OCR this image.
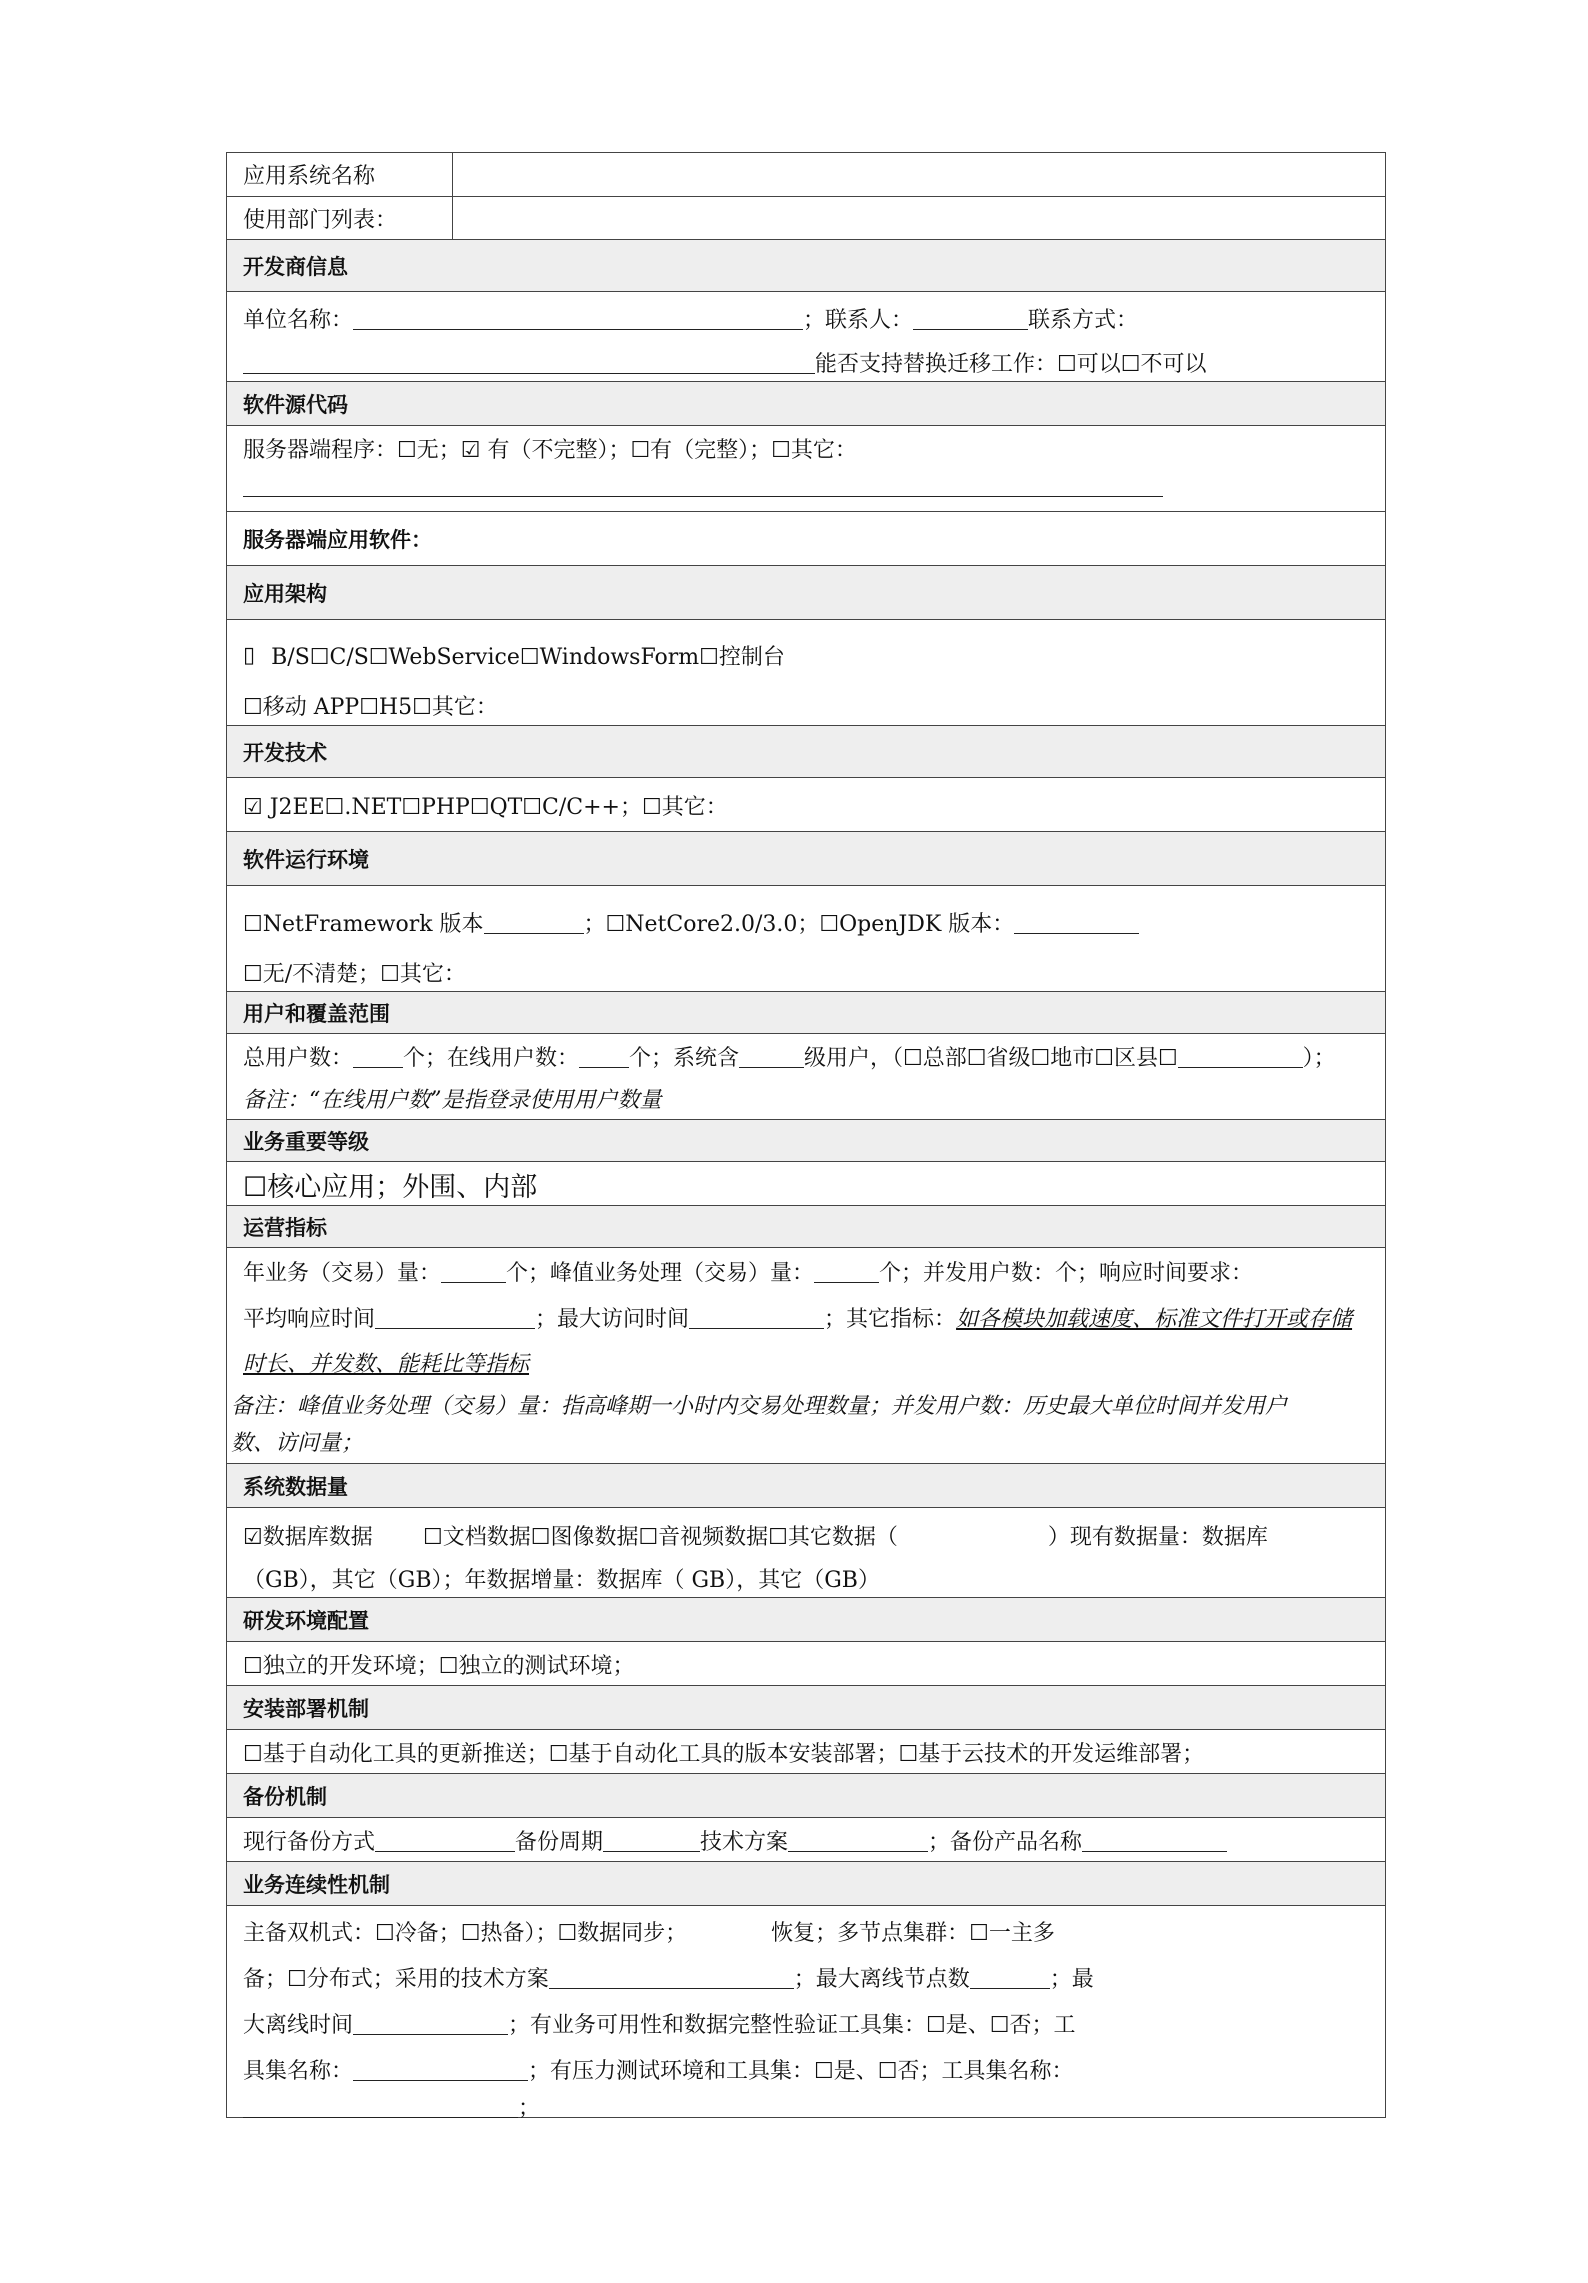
应用系统名称
使用部门列表：
开发商信息
单位名称：	；联系人：	联系方式：
能否支持替换迁移工作：☐可以☐不可以
软件源代码
服务器端程序：☐无；☑ 有（不完整）；☐有（完整）；☐其它：
服务器端应用软件：
应用架构
▯ B/S☐C/S☐WebService☐WindowsForm☐控制台
☐移动 APP☐H5☐其它：
开发技术
☑ J2EE☐.NET☐PHP☐QT☐C/C++；☐其它：
软件运行环境
☐NetFramework 版本	；☐NetCore2.0/3.0；☐OpenJDK 版本：
☐无/不清楚；☐其它：
用户和覆盖范围
总用户数： 个；在线用户数： 个；系统含	级用户，（☐总部☐省级☐地市☐区县☐	）；
备注：“在线用户数”是指登录使用用户数量
业务重要等级
☐核心应用；外围、内部
运营指标
年业务（交易）量：	个；峰值业务处理（交易）量：	个；并发用户数：个；响应时间要求：
平均响应时间	；最大访问时间	；其它指标： 如各模块加载速度、标准文件打开或存储
时长、并发数、能耗比等指标
备注：峰值业务处理（交易）量：指高峰期一小时内交易处理数量；并发用户数：历史最大单位时间并发用户
数、访问量；
系统数据量
☑数据库数据	☐文档数据☐图像数据☐音视频数据☐其它数据（	）现有数据量：数据库
（GB），其它（GB）；年数据增量：数据库（ GB），其它（GB）
研发环境配置
☐独立的开发环境；☐独立的测试环境；
安装部署机制
☐基于自动化工具的更新推送；☐基于自动化工具的版本安装部署；☐基于云技术的开发运维部署；
备份机制
现行备份方式	备份周期	技术方案	；备份产品名称
业务连续性机制
主备双机式：☐冷备；☐热备）；☐数据同步；	恢复；多节点集群：☐一主多
备；☐分布式；采用的技术方案	；最大离线节点数	；最
大离线时间	；有业务可用性和数据完整性验证工具集：☐是、☐否；工
具集名称：	；有压力测试环境和工具集：☐是、☐否；工具集名称：
；
